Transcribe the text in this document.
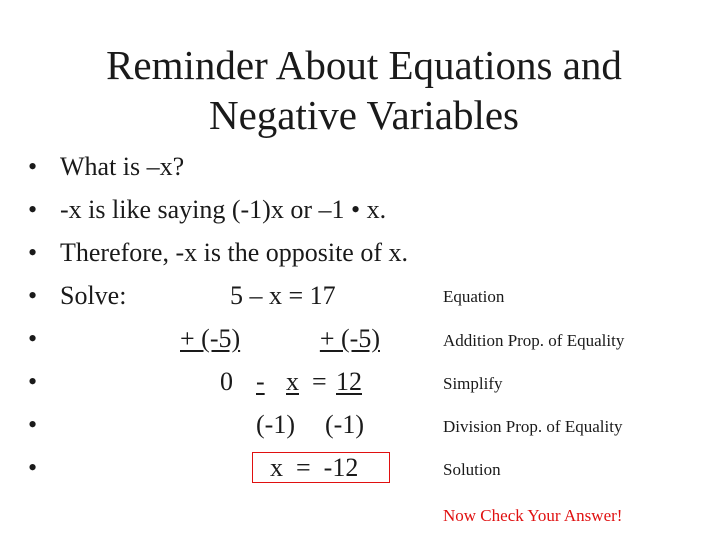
Reminder About Equations and
Negative Variables
•
•
•
•
•
•
•
•
What is –x?
-x is like saying (-1)x or –1 • x.
Therefore, -x is the opposite of x.
Solve:	5 – x = 17
+ (-5)	+ (-5)
0 - x = 12
(-1) (-1)
x  =  -12
Equation
Addition Prop. of Equality
Simplify
Division Prop. of Equality
Solution
Now Check Your Answer!
